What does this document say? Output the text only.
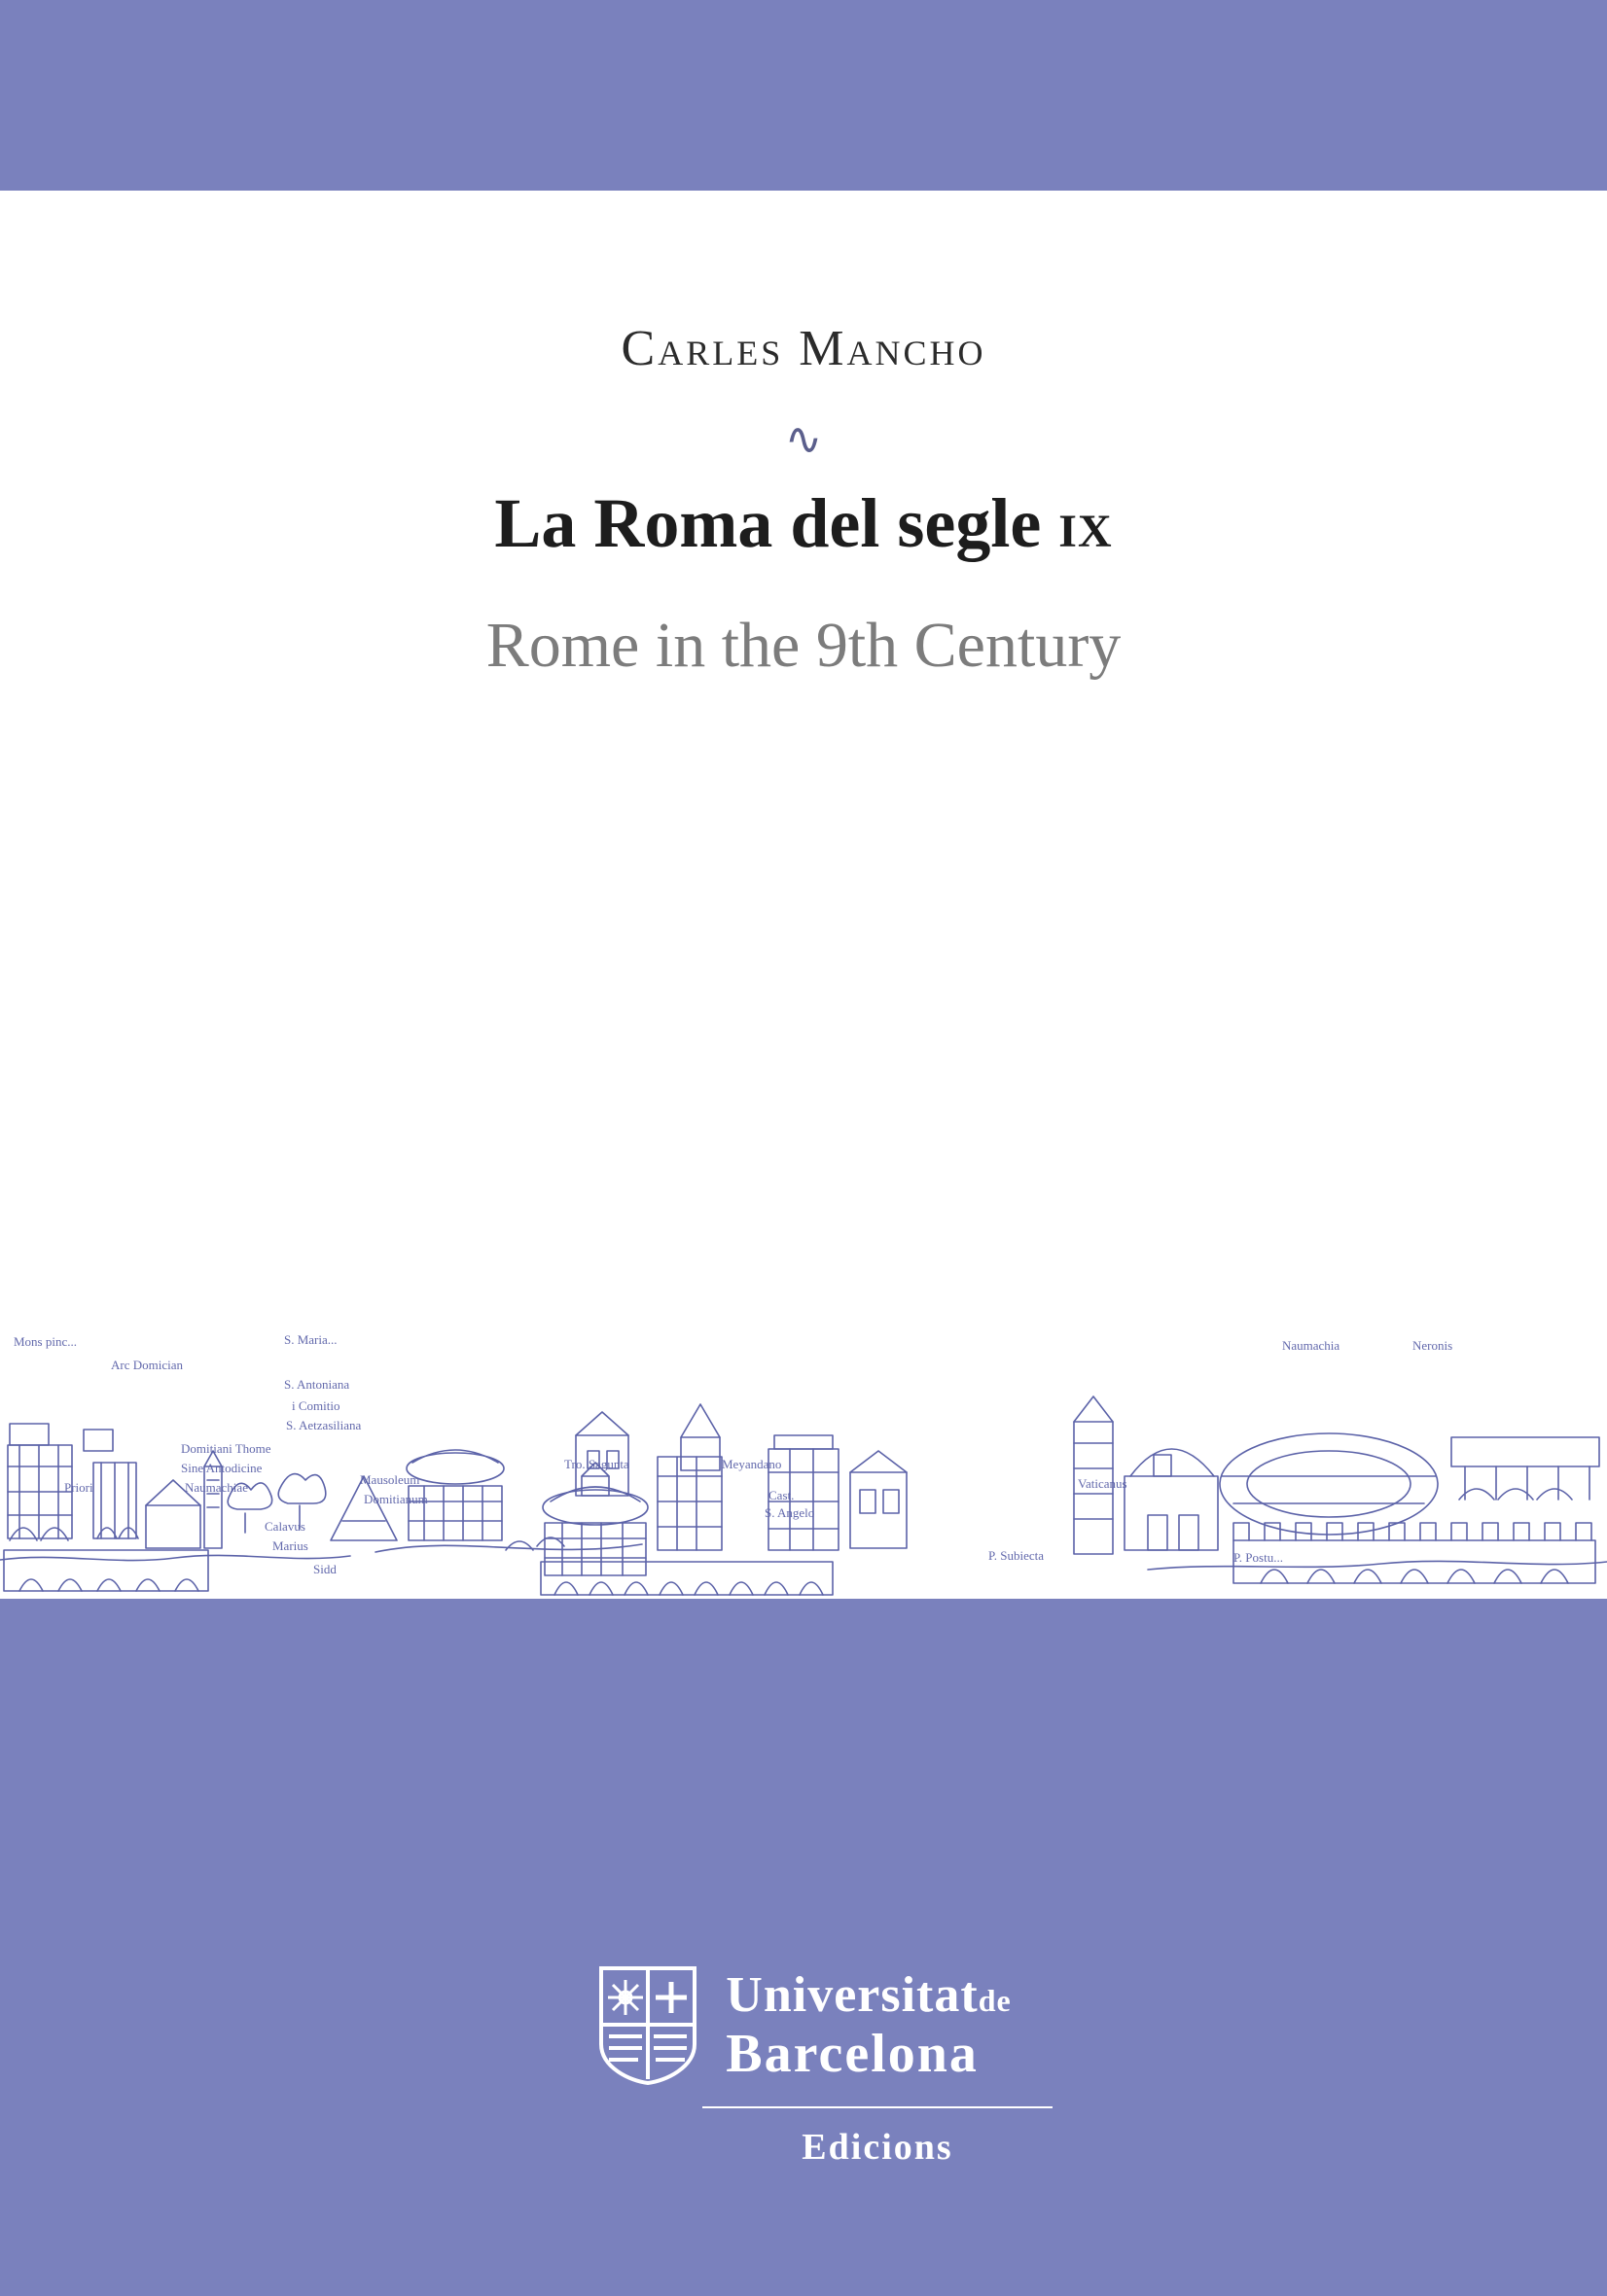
Carles Mancho
∿
La Roma del segle IX
Rome in the 9th Century
Mons pinc...
Arc Domician
S. Maria...
S. Antoniana
i Comitio
S. Aetzasiliana
Domitiani Thome
Sine Antodicine
Naumachiae
Priori
Calavus
Marius
Mausoleum
Domitianum
Tro. Sagunta	Meyandano
Cast.
S. Angelo
Vaticanus
Naumachia	Neronis
P. Subiecta	P. Postu...
Sidd
Universitatde
Barcelona
Edicions
